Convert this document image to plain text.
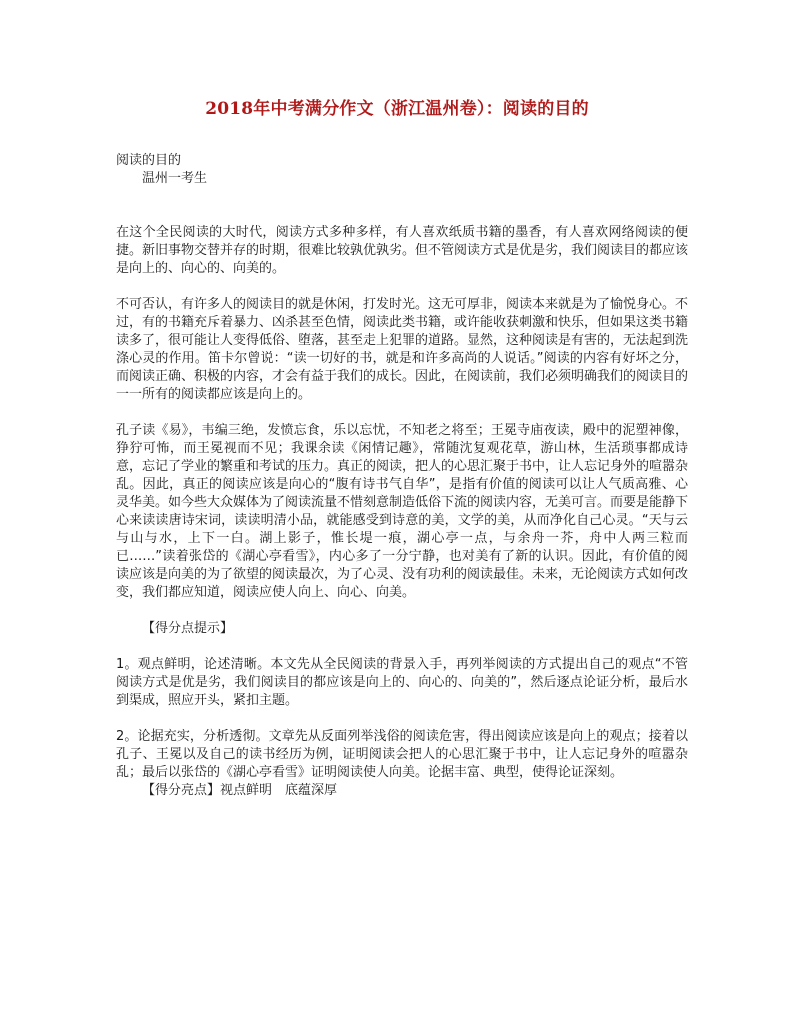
2018年中考满分作文（浙江温州卷）：阅读的目的

阅读的目的

温州一考生

在这个全民阅读的大时代，阅读方式多种多样，有人喜欢纸质书籍的墨香，有人喜欢网络阅读的便捷。新旧事物交替并存的时期，很难比较孰优孰劣。但不管阅读方式是优是劣，我们阅读目的都应该是向上的、向心的、向美的。

不可否认，有许多人的阅读目的就是休闲，打发时光。这无可厚非，阅读本来就是为了愉悦身心。不过，有的书籍充斥着暴力、凶杀甚至色情，阅读此类书籍，或许能收获刺激和快乐，但如果这类书籍读多了，很可能让人变得低俗、堕落，甚至走上犯罪的道路。显然，这种阅读是有害的，无法起到洗涤心灵的作用。笛卡尔曾说：“读一切好的书，就是和许多高尚的人说话。”阅读的内容有好坏之分，而阅读正确、积极的内容，才会有益于我们的成长。因此，在阅读前，我们必须明确我们的阅读目的一一所有的阅读都应该是向上的。

孔子读《易》，韦编三绝，发愤忘食，乐以忘忧，不知老之将至；王冕寺庙夜读，殿中的泥塑神像，狰狞可怖，而王冕视而不见；我课余读《闲情记趣》，常随沈复观花草，游山林，生活琐事都成诗意，忘记了学业的繁重和考试的压力。真正的阅读，把人的心思汇聚于书中，让人忘记身外的喧嚣杂乱。因此，真正的阅读应该是向心的“腹有诗书气自华”，是指有价值的阅读可以让人气质高雅、心灵华美。如今些大众媒体为了阅读流量不惜刻意制造低俗下流的阅读内容，无美可言。而要是能静下心来读读唐诗宋词，读读明清小品，就能感受到诗意的美，文学的美，从而净化自己心灵。“天与云与山与水，上下一白。湖上影子，惟长堤一痕，湖心亭一点，与余舟一芥，舟中人两三粒而已……”读着张岱的《湖心亭看雪》，内心多了一分宁静，也对美有了新的认识。因此，有价值的阅读应该是向美的为了欲望的阅读最次，为了心灵、没有功利的阅读最佳。未来，无论阅读方式如何改变，我们都应知道，阅读应使人向上、向心、向美。

【得分点提示】

1。观点鲜明，论述清晰。本文先从全民阅读的背景入手，再列举阅读的方式提出自己的观点“不管阅读方式是优是劣，我们阅读目的都应该是向上的、向心的、向美的”，然后逐点论证分析，最后水到渠成，照应开头，紧扣主题。

2。论据充实，分析透彻。文章先从反面列举浅俗的阅读危害，得出阅读应该是向上的观点；接着以孔子、王冕以及自己的读书经历为例，证明阅读会把人的心思汇聚于书中，让人忘记身外的喧嚣杂乱；最后以张岱的《湖心亭看雪》证明阅读使人向美。论据丰富、典型，使得论证深刻。

【得分亮点】视点鲜明　底蕴深厚
